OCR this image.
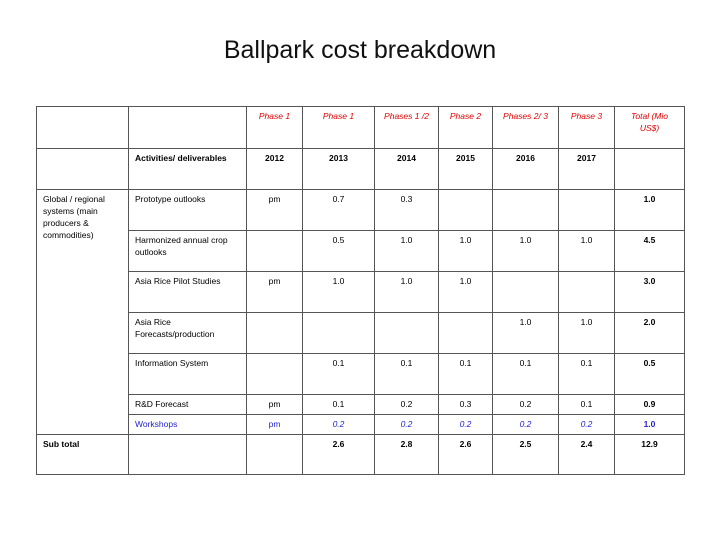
Ballpark cost breakdown
		Phase 1	Phase 1	Phases 1 /2	Phase 2	Phases 2/ 3	Phase 3	Total (Mio US$)
	Activities/ deliverables	2012	2013	2014	2015	2016	2017	
Global / regional systems (main producers & commodities)	Prototype outlooks	pm	0.7	0.3				1.0
	Harmonized annual crop outlooks		0.5	1.0	1.0	1.0	1.0	4.5
	Asia Rice Pilot Studies	pm	1.0	1.0	1.0			3.0
	Asia Rice Forecasts/production					1.0	1.0	2.0
	Information System		0.1	0.1	0.1	0.1	0.1	0.5
	R&D Forecast	pm	0.1	0.2	0.3	0.2	0.1	0.9
	Workshops	pm	0.2	0.2	0.2	0.2	0.2	1.0
Sub total			2.6	2.8	2.6	2.5	2.4	12.9
